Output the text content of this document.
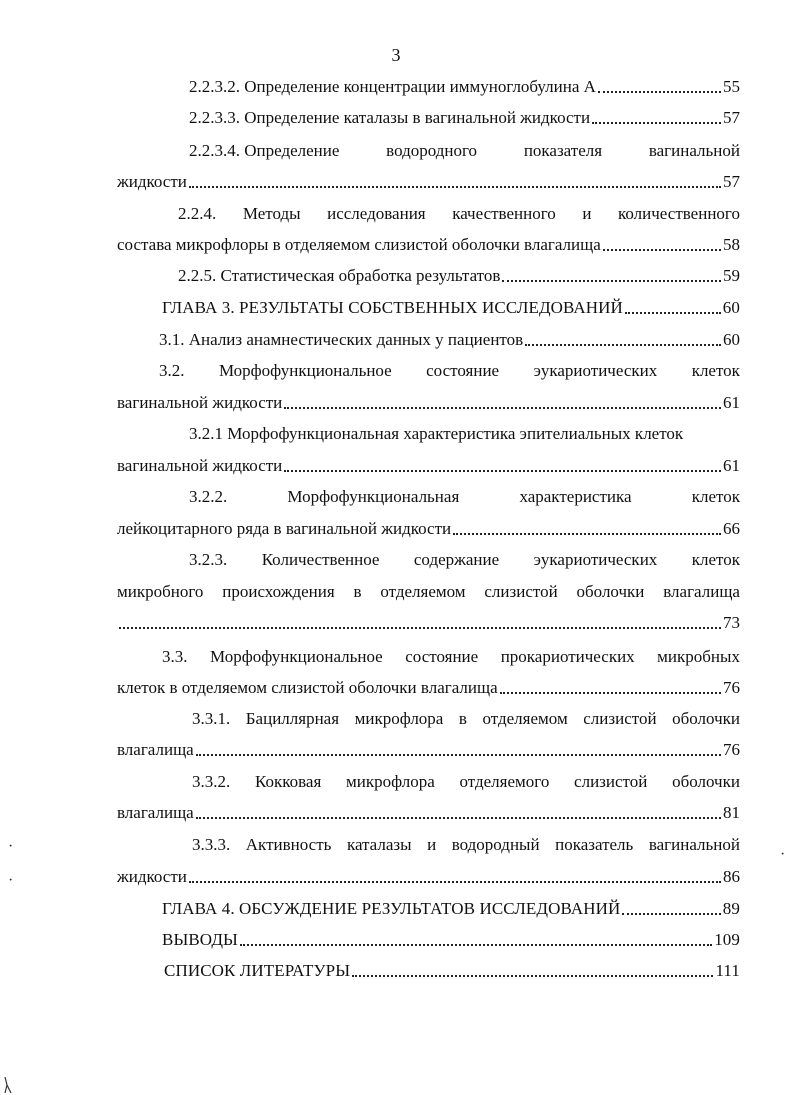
3
2.2.3.2. Определение концентрации иммуноглобулина А	55
2.2.3.3. Определение каталазы в вагинальной жидкости	57
2.2.3.4. Определение	водородного	показателя	вагинальной
жидкости	57
2.2.4. Методы исследования качественного и количественного
состава микрофлоры в отделяемом слизистой оболочки влагалища	58
2.2.5. Статистическая обработка результатов	59
ГЛАВА 3. РЕЗУЛЬТАТЫ СОБСТВЕННЫХ ИССЛЕДОВАНИЙ	60
3.1. Анализ анамнестических данных у пациентов	60
3.2. Морфофункциональное состояние эукариотических клеток
вагинальной жидкости	61
3.2.1 Морфофункциональная характеристика эпителиальных клеток
вагинальной жидкости	61
3.2.2.	Морфофункциональная	характеристика	клеток
лейкоцитарного ряда в вагинальной жидкости	66
3.2.3. Количественное содержание эукариотических клеток
микробного происхождения в отделяемом слизистой оболочки влагалища
73
3.3. Морфофункциональное состояние прокариотических микробных
клеток в отделяемом слизистой оболочки влагалища	76
3.3.1. Бациллярная микрофлора в отделяемом слизистой оболочки
влагалища	76
3.3.2. Кокковая микрофлора отделяемого слизистой оболочки
влагалища	81
3.3.3. Активность каталазы и водородный показатель вагинальной
жидкости	86
ГЛАВА 4. ОБСУЖДЕНИЕ РЕЗУЛЬТАТОВ ИССЛЕДОВАНИЙ	89
ВЫВОДЫ	109
СПИСОК ЛИТЕРАТУРЫ	111
·
·
·
